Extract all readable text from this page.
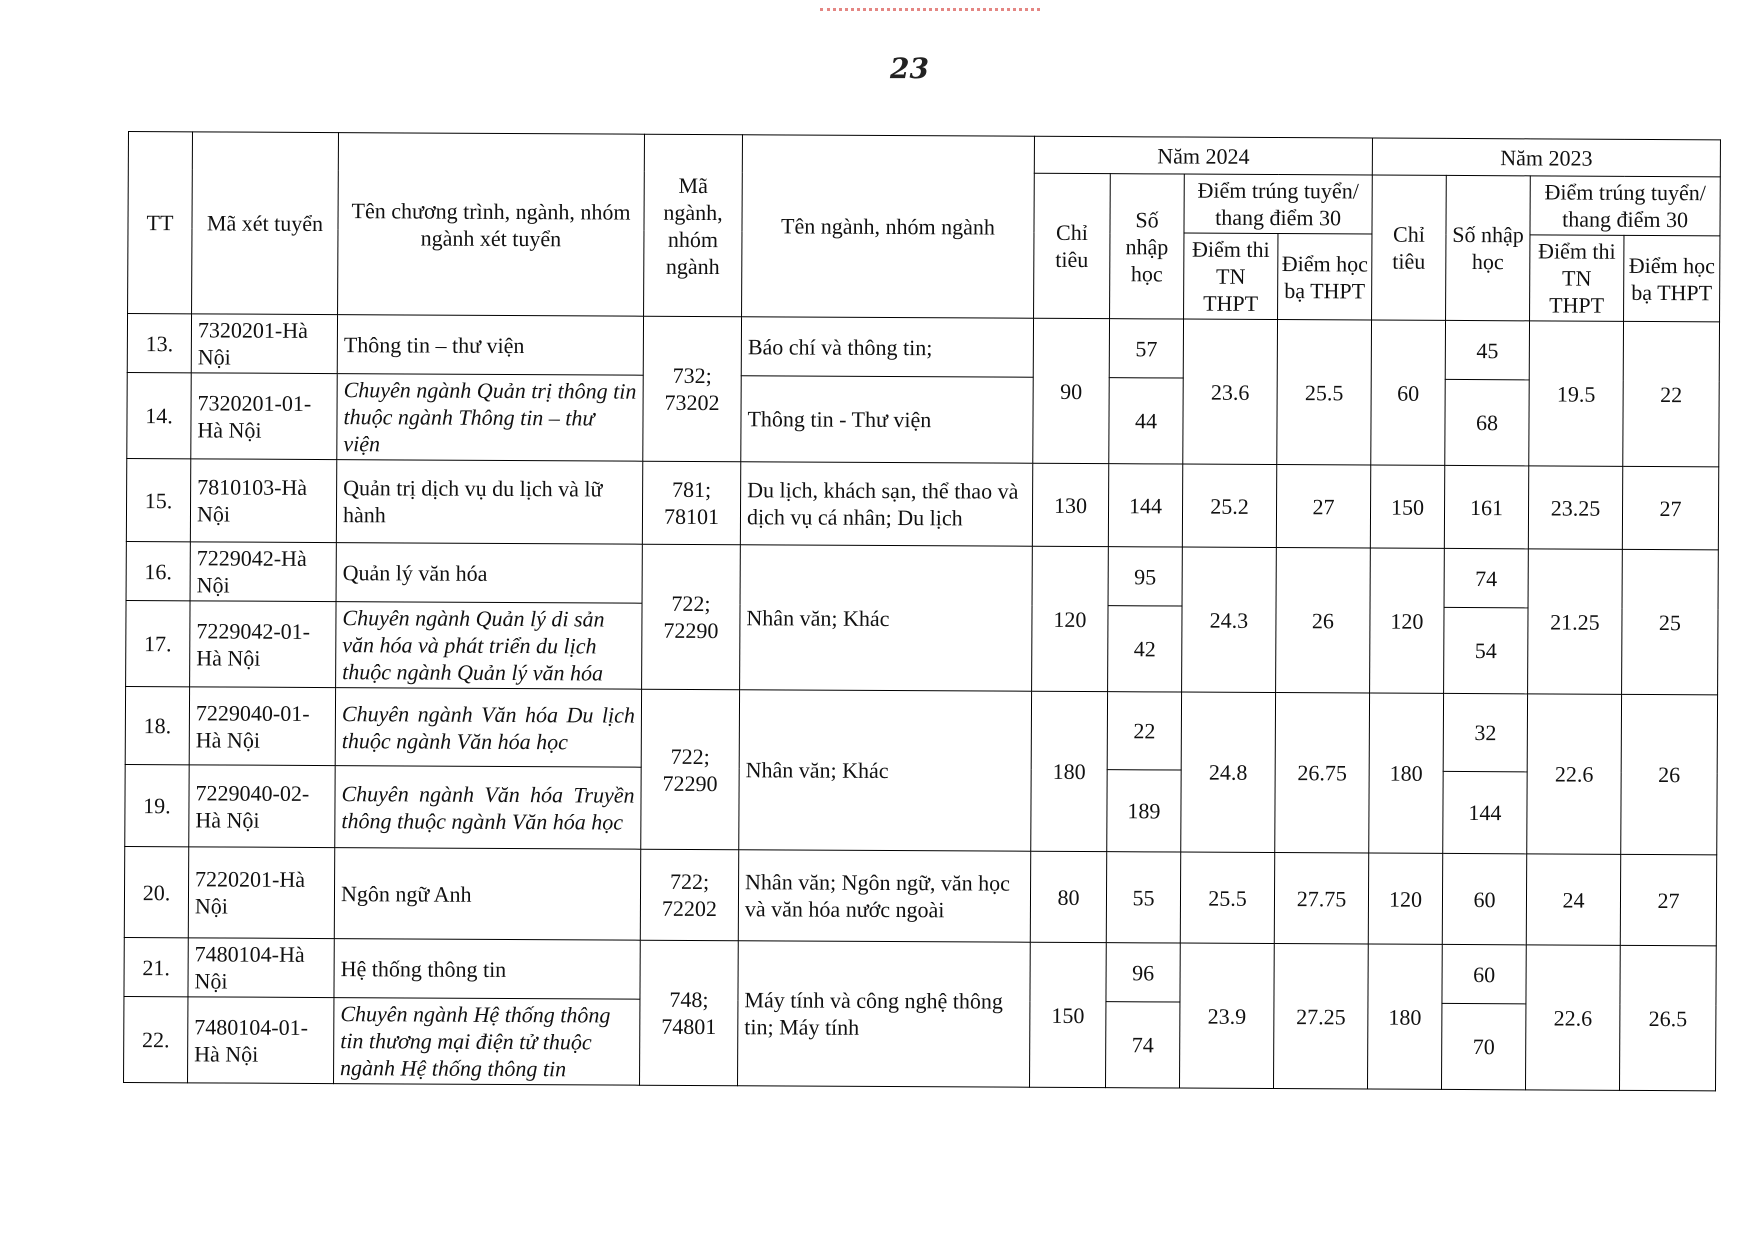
23
TT	Mã xét tuyển	Tên chương trình, ngành, nhóm ngành xét tuyển	Mã ngành, nhóm ngành	Tên ngành, nhóm ngành	Năm 2024				Năm 2023			
					Chỉ tiêu	Số nhập học	Điểm trúng tuyển/ thang điểm 30		Chỉ tiêu	Số nhập học	Điểm trúng tuyển/ thang điểm 30	
							Điểm thi TN THPT	Điểm học bạ THPT			Điểm thi TN THPT	Điểm học bạ THPT
13.	7320201-Hà Nội	Thông tin – thư viện	732; 73202	Báo chí và thông tin;	90	57	23.6	25.5	60	45	19.5	22
14.	7320201-01-Hà Nội	Chuyên ngành Quản trị thông tin thuộc ngành Thông tin – thư viện		Thông tin - Thư viện		44				68		
15.	7810103-Hà Nội	Quản trị dịch vụ du lịch và lữ hành	781; 78101	Du lịch, khách sạn, thể thao và dịch vụ cá nhân; Du lịch	130	144	25.2	27	150	161	23.25	27
16.	7229042-Hà Nội	Quản lý văn hóa	722; 72290	Nhân văn; Khác	120	95	24.3	26	120	74	21.25	25
17.	7229042-01-Hà Nội	Chuyên ngành Quản lý di sản văn hóa và phát triển du lịch thuộc ngành Quản lý văn hóa				42				54		
18.	7229040-01-Hà Nội	Chuyên ngành Văn hóa Du lịch thuộc ngành Văn hóa học	722; 72290	Nhân văn; Khác	180	22	24.8	26.75	180	32	22.6	26
19.	7229040-02-Hà Nội	Chuyên ngành Văn hóa Truyền thông thuộc ngành Văn hóa học				189				144		
20.	7220201-Hà Nội	Ngôn ngữ Anh	722; 72202	Nhân văn; Ngôn ngữ, văn học và văn hóa nước ngoài	80	55	25.5	27.75	120	60	24	27
21.	7480104-Hà Nội	Hệ thống thông tin	748; 74801	Máy tính và công nghệ thông tin; Máy tính	150	96	23.9	27.25	180	60	22.6	26.5
22.	7480104-01-Hà Nội	Chuyên ngành Hệ thống thông tin thương mại điện tử thuộc ngành Hệ thống thông tin				74				70		
